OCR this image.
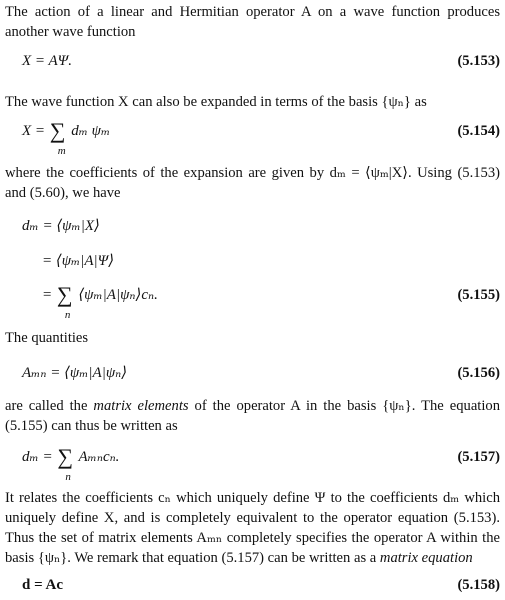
The action of a linear and Hermitian operator A on a wave function produces another wave function

X = AΨ.	(5.153)

The wave function X can also be expanded in terms of the basis {ψₙ} as

X = ∑
m
dₘ ψₘ	(5.154)

where the coefficients of the expansion are given by dₘ = ⟨ψₘ|X⟩. Using (5.153) and (5.60), we have

dₘ = ⟨ψₘ|X⟩
= ⟨ψₘ|A|Ψ⟩
= ∑
n
⟨ψₘ|A|ψₙ⟩cₙ.	(5.155)

The quantities

Aₘₙ = ⟨ψₘ|A|ψₙ⟩	(5.156)

are called the matrix elements of the operator A in the basis {ψₙ}. The equation (5.155) can thus be written as

dₘ = ∑
n
Aₘₙcₙ.	(5.157)

It relates the coefficients cₙ which uniquely define Ψ to the coefficients dₘ which uniquely define X, and is completely equivalent to the operator equation (5.153). Thus the set of matrix elements Aₘₙ completely specifies the operator A within the basis {ψₙ}. We remark that equation (5.157) can be written as a matrix equation

d = Ac	(5.158)
